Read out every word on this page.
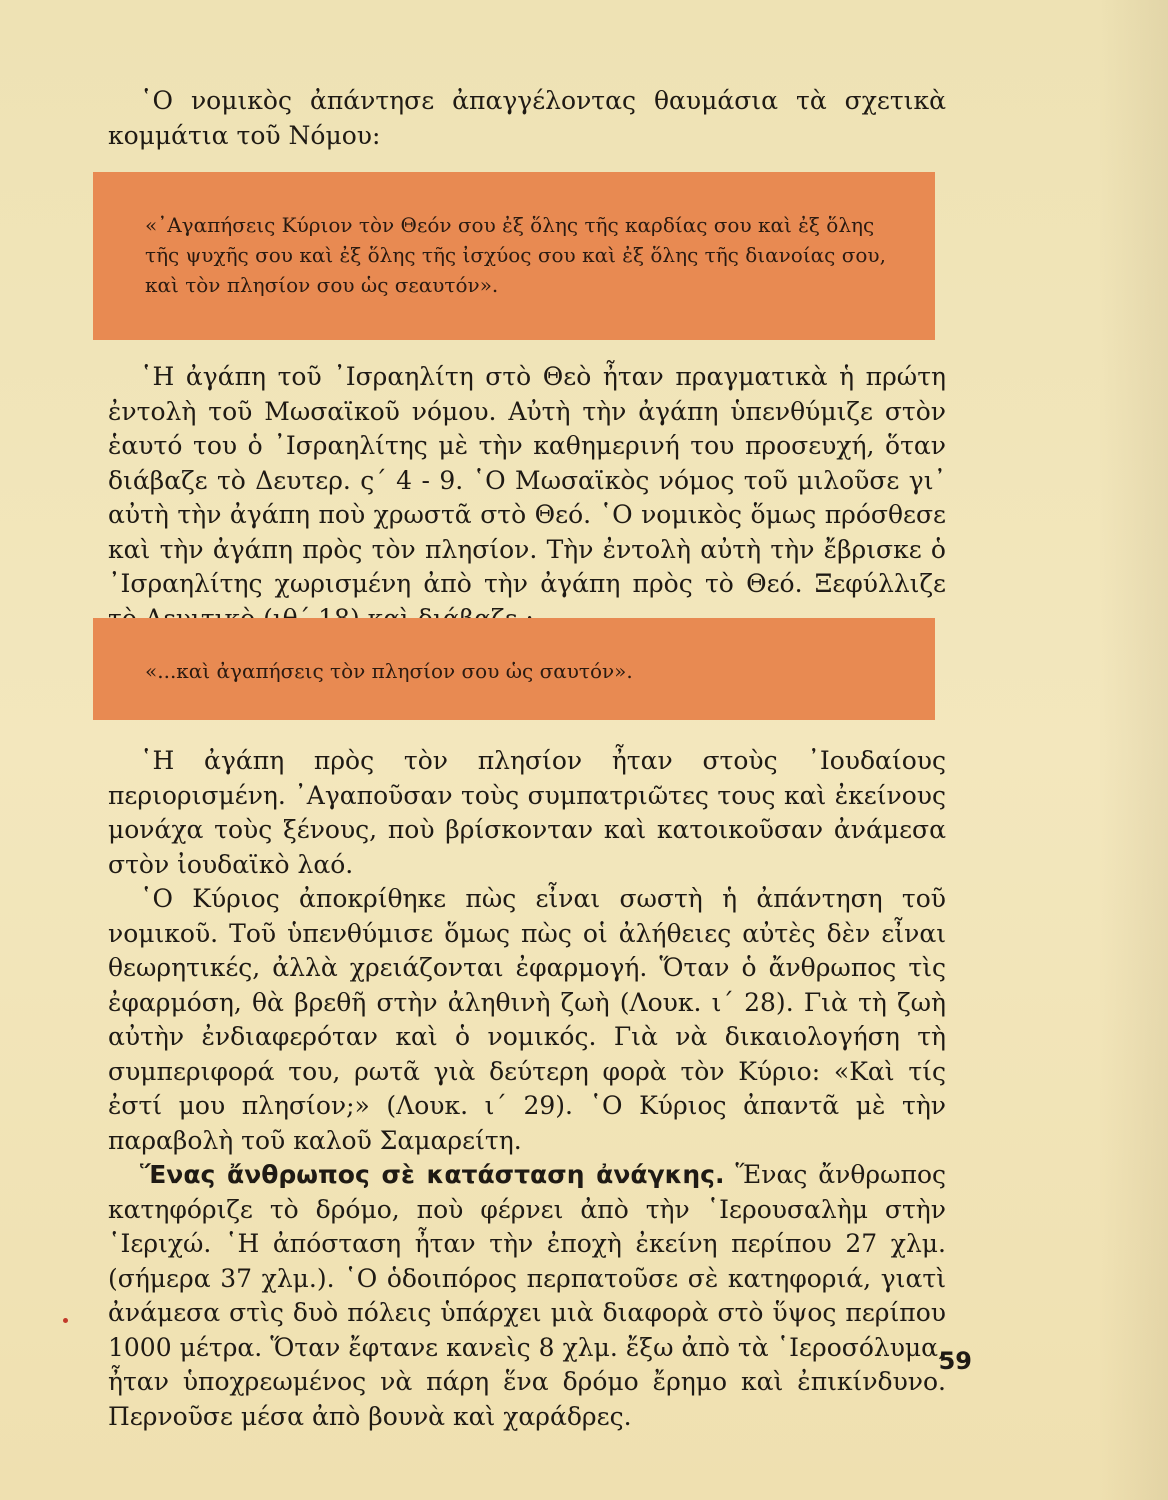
῾Ο νομικὸς ἀπάντησε ἀπαγγέλοντας θαυμάσια τὰ σχετικὰ κομμάτια τοῦ Νόμου:

«᾿Αγαπήσεις Κύριον τὸν Θεόν σου ἐξ ὅλης τῆς καρδίας σου καὶ ἐξ ὅλης τῆς ψυχῆς σου καὶ ἐξ ὅλης τῆς ἰσχύος σου καὶ ἐξ ὅλης τῆς διανοίας σου, καὶ τὸν πλησίον σου ὡς σεαυτόν».

῾Η ἀγάπη τοῦ ᾿Ισραηλίτη στὸ Θεὸ ἦταν πραγματικὰ ἡ πρώτη ἐντολὴ τοῦ Μωσαϊκοῦ νόμου. Αὐτὴ τὴν ἀγάπη ὑπενθύμιζε στὸν ἑαυτό του ὁ ᾿Ισραηλίτης μὲ τὴν καθημερινή του προσευχή, ὅταν διάβαζε τὸ Δευτερ. ς΄ 4 - 9. ῾Ο Μωσαϊκὸς νόμος τοῦ μιλοῦσε γι᾿ αὐτὴ τὴν ἀγάπη ποὺ χρωστᾶ στὸ Θεό. ῾Ο νομικὸς ὅμως πρόσθεσε καὶ τὴν ἀγάπη πρὸς τὸν πλησίον. Τὴν ἐντολὴ αὐτὴ τὴν ἔβρισκε ὁ ᾿Ισραηλίτης χωρισμένη ἀπὸ τὴν ἀγάπη πρὸς τὸ Θεό. Ξεφύλλιζε

«...καὶ ἀγαπήσεις τὸν πλησίον σου ὡς σαυτόν».

῾Η ἀγάπη πρὸς τὸν πλησίον ἦταν στοὺς ᾿Ιουδαίους περιορισμένη. ᾿Αγαποῦσαν τοὺς συμπατριῶτες τους καὶ ἐκείνους μονάχα τοὺς ξένους, ποὺ βρίσκονταν καὶ κατοικοῦσαν ἀνάμεσα στὸν ἰουδαϊκὸ λαό.

῾Ο Κύριος ἀποκρίθηκε πὼς εἶναι σωστὴ ἡ ἀπάντηση τοῦ νομικοῦ. Τοῦ ὑπενθύμισε ὅμως πὼς οἱ ἀλήθειες αὐτὲς δὲν εἶναι θεωρητικές, ἀλλὰ χρειάζονται ἐφαρμογή. Ὅταν ὁ ἄνθρωπος τὶς ἐφαρμόση, θὰ βρεθῆ στὴν ἀληθινὴ ζωὴ (Λουκ. ι΄ 28). Γιὰ τὴ ζωὴ αὐτὴν ἐνδιαφερόταν καὶ ὁ νομικός. Γιὰ νὰ δικαιολογήση τὴ συμπεριφορά του, ρωτᾶ γιὰ δεύτερη φορὰ τὸν Κύριο: «Καὶ τίς ἐστί μου πλησίον;» (Λουκ. ι΄ 29). ῾Ο Κύριος ἀπαντᾶ μὲ τὴν παραβολὴ τοῦ καλοῦ Σαμαρείτη.

Ἕνας ἄνθρωπος σὲ κατάσταση ἀνάγκης. Ἕνας ἄνθρωπος κατηφόριζε τὸ δρόμο, ποὺ φέρνει ἀπὸ τὴν ῾Ιερουσαλὴμ στὴν ῾Ιεριχώ. ῾Η ἀπόσταση ἦταν τὴν ἐποχὴ ἐκείνη περίπου 27 χλμ. (σήμερα 37 χλμ.). ῾Ο ὁδοιπόρος περπατοῦσε σὲ κατηφοριά, γιατὶ ἀνάμεσα στὶς δυὸ πόλεις ὑπάρχει μιὰ διαφορὰ στὸ ὕψος περίπου 1000 μέτρα. Ὅταν ἔφτανε κανεὶς 8 χλμ. ἔξω ἀπὸ τὰ ῾Ιεροσόλυμα, ἦταν ὑποχρεωμένος νὰ πάρη ἕνα δρόμο ἔρημο καὶ ἐπικίνδυνο. Περνοῦσε μέσα ἀπὸ βουνὰ καὶ χαράδρες.

59
